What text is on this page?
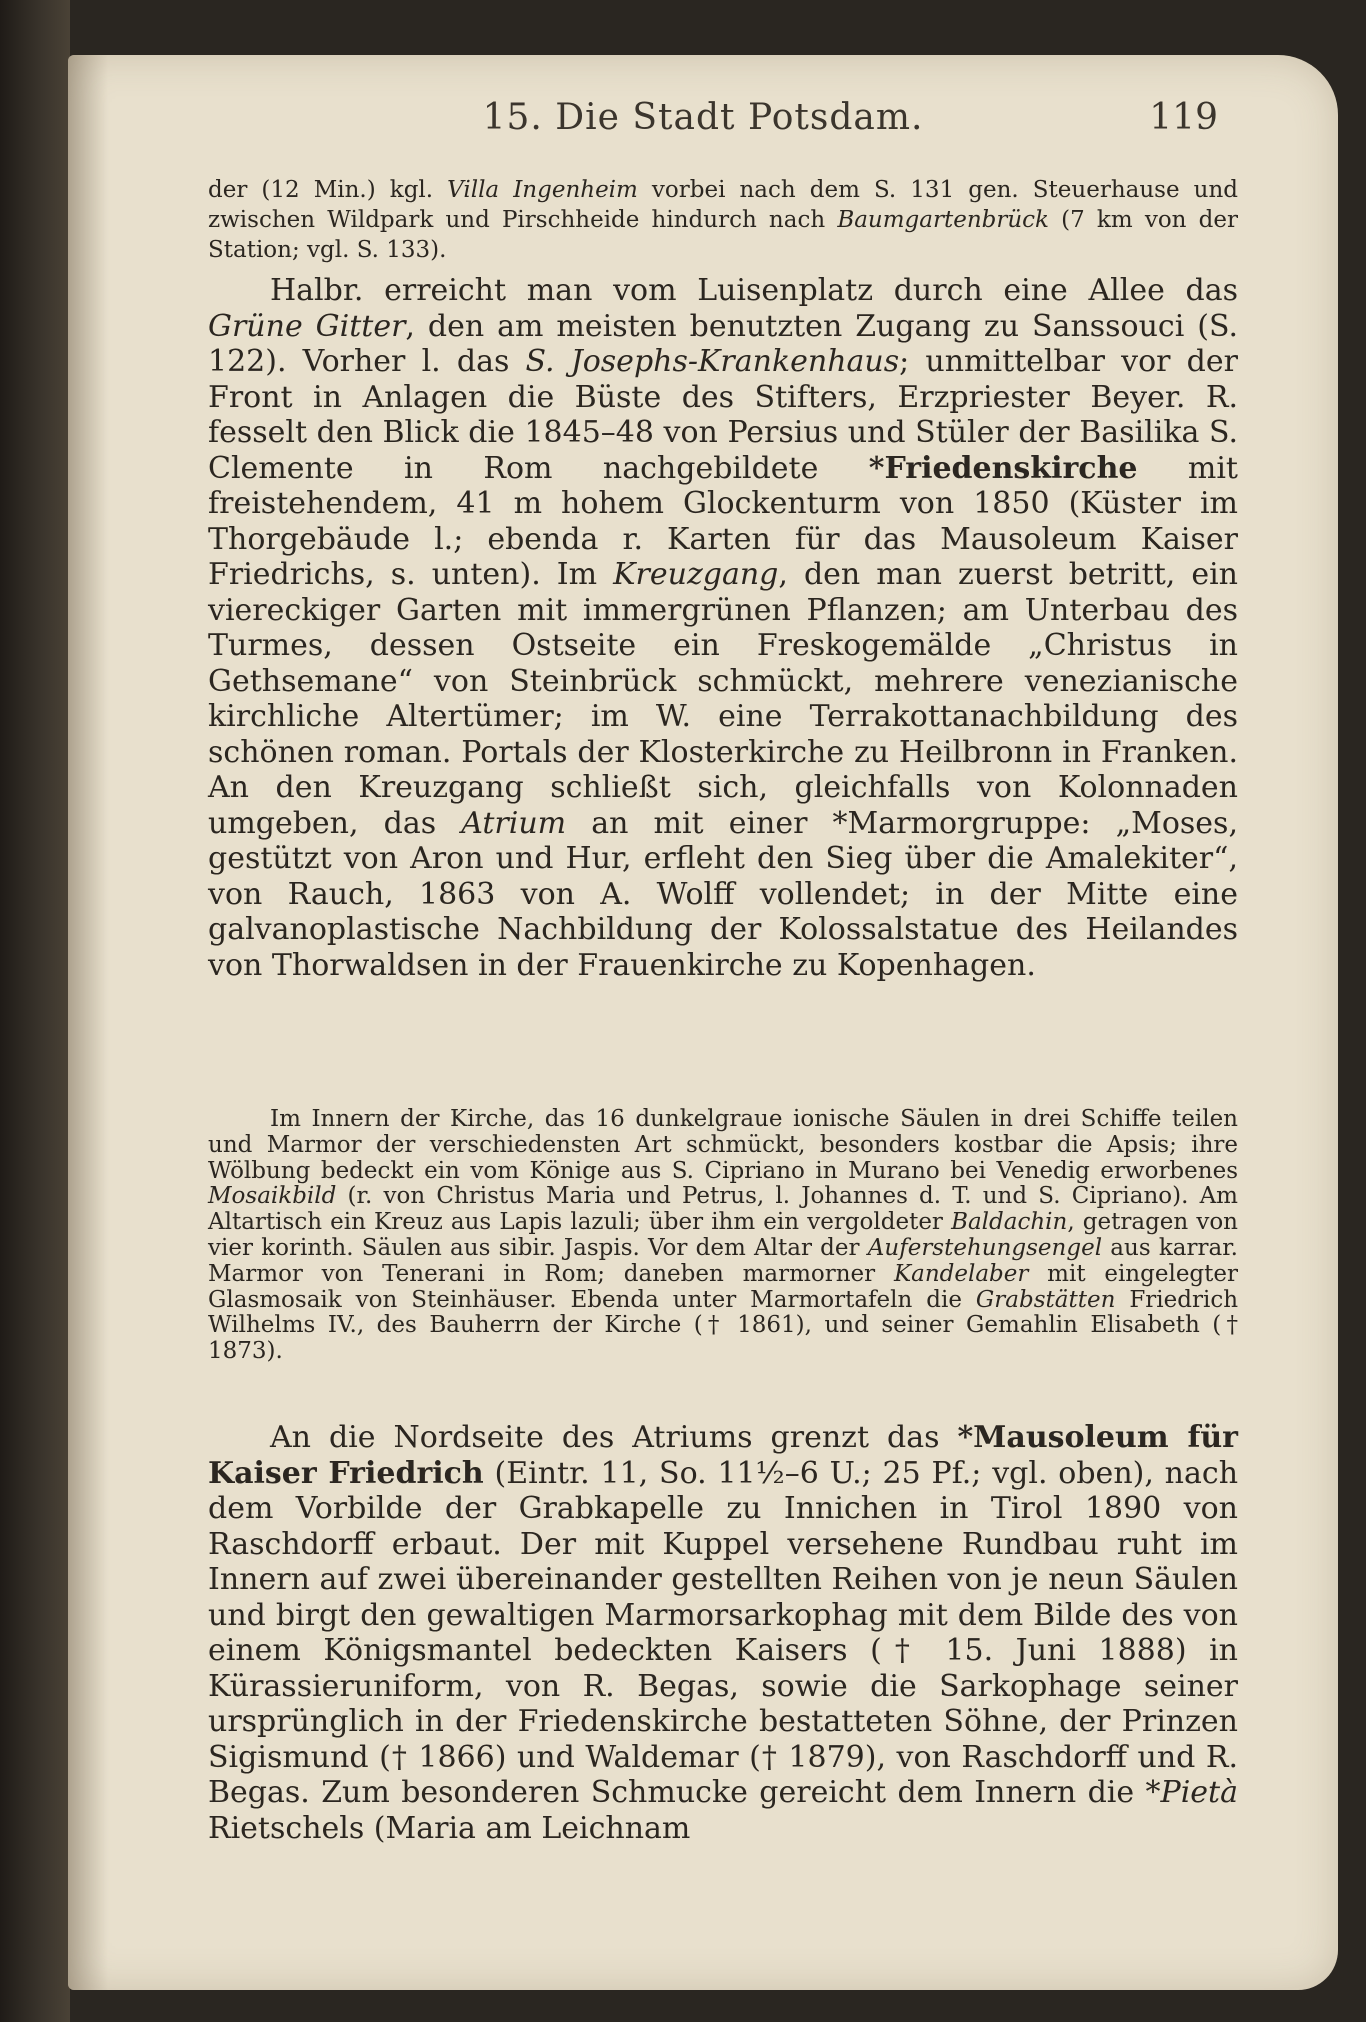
15. Die Stadt Potsdam.	119

der (12 Min.) kgl. Villa Ingenheim vorbei nach dem S. 131 gen. Steuerhause und zwischen Wildpark und Pirschheide hindurch nach Baumgartenbrück (7 km von der Station; vgl. S. 133).

Halbr. erreicht man vom Luisenplatz durch eine Allee das Grüne Gitter, den am meisten benutzten Zugang zu Sanssouci (S. 122). Vorher l. das S. Josephs-Krankenhaus; unmittelbar vor der Front in Anlagen die Büste des Stifters, Erzpriester Beyer. R. fesselt den Blick die 1845–48 von Persius und Stüler der Basilika S. Clemente in Rom nachgebildete *Friedenskirche mit freistehendem, 41 m hohem Glockenturm von 1850 (Küster im Thorgebäude l.; ebenda r. Karten für das Mausoleum Kaiser Friedrichs, s. unten). Im Kreuzgang, den man zuerst betritt, ein viereckiger Garten mit immergrünen Pflanzen; am Unterbau des Turmes, dessen Ostseite ein Freskogemälde „Christus in Gethsemane“ von Steinbrück schmückt, mehrere venezianische kirchliche Altertümer; im W. eine Terrakottanachbildung des schönen roman. Portals der Klosterkirche zu Heilbronn in Franken. An den Kreuzgang schließt sich, gleichfalls von Kolonnaden umgeben, das Atrium an mit einer *Marmorgruppe: „Moses, gestützt von Aron und Hur, erfleht den Sieg über die Amalekiter“, von Rauch, 1863 von A. Wolff vollendet; in der Mitte eine galvanoplastische Nachbildung der Kolossalstatue des Heilandes von Thorwaldsen in der Frauenkirche zu Kopenhagen.

Im Innern der Kirche, das 16 dunkelgraue ionische Säulen in drei Schiffe teilen und Marmor der verschiedensten Art schmückt, besonders kostbar die Apsis; ihre Wölbung bedeckt ein vom Könige aus S. Cipriano in Murano bei Venedig erworbenes Mosaikbild (r. von Christus Maria und Petrus, l. Johannes d. T. und S. Cipriano). Am Altartisch ein Kreuz aus Lapis lazuli; über ihm ein vergoldeter Baldachin, getragen von vier korinth. Säulen aus sibir. Jaspis. Vor dem Altar der Auferstehungsengel aus karrar. Marmor von Tenerani in Rom; daneben marmorner Kandelaber mit eingelegter Glasmosaik von Steinhäuser. Ebenda unter Marmortafeln die Grabstätten Friedrich Wilhelms IV., des Bauherrn der Kirche († 1861), und seiner Gemahlin Elisabeth († 1873).

An die Nordseite des Atriums grenzt das *Mausoleum für Kaiser Friedrich (Eintr. 11, So. 11½–6 U.; 25 Pf.; vgl. oben), nach dem Vorbilde der Grabkapelle zu Innichen in Tirol 1890 von Raschdorff erbaut. Der mit Kuppel versehene Rundbau ruht im Innern auf zwei übereinander gestellten Reihen von je neun Säulen und birgt den gewaltigen Marmorsarkophag mit dem Bilde des von einem Königsmantel bedeckten Kaisers († 15. Juni 1888) in Kürassieruniform, von R. Begas, sowie die Sarkophage seiner ursprünglich in der Friedenskirche bestatteten Söhne, der Prinzen Sigismund († 1866) und Waldemar († 1879), von Raschdorff und R. Begas. Zum besonderen Schmucke gereicht dem Innern die *Pietà Rietschels (Maria am Leichnam
